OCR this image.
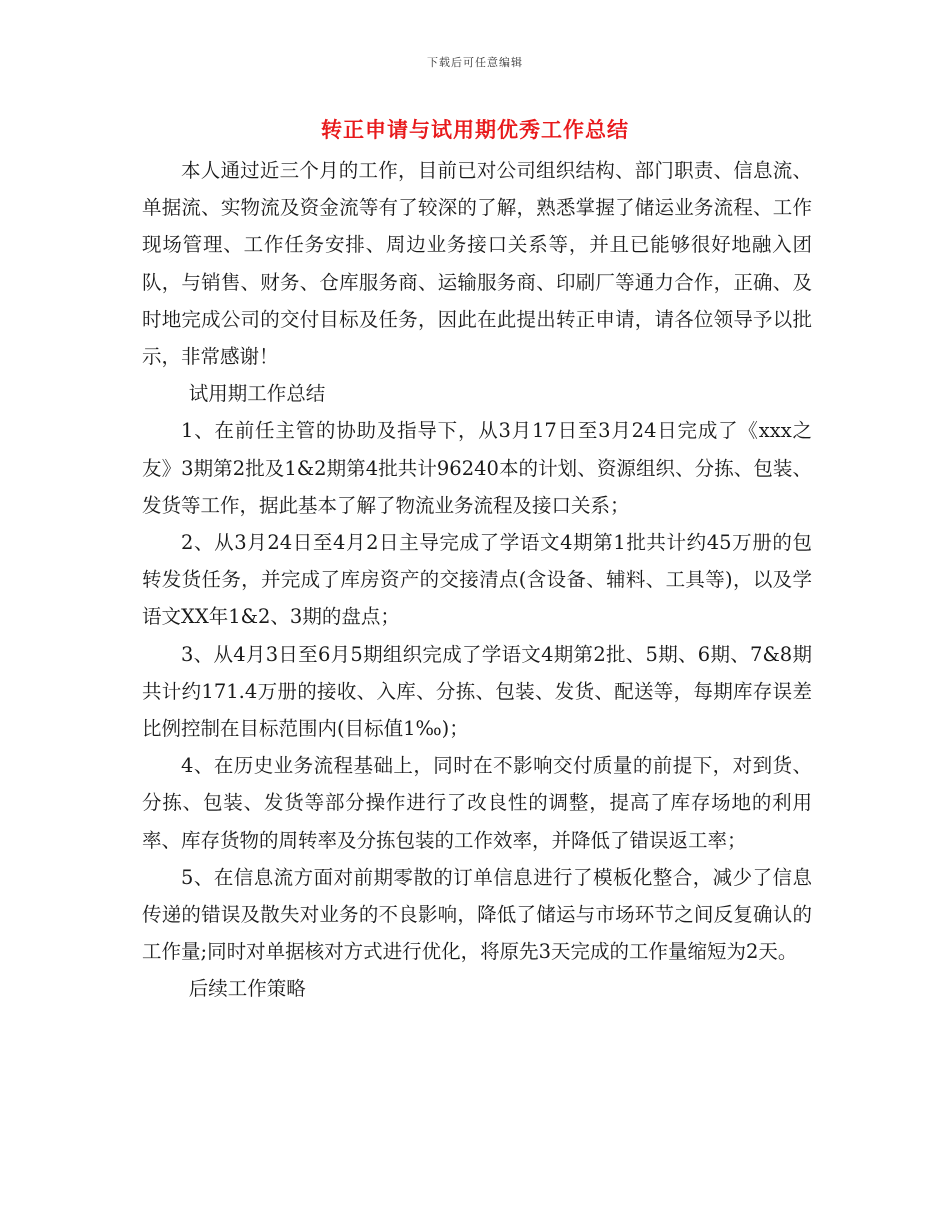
下载后可任意编辑
转正申请与试用期优秀工作总结

本人通过近三个月的工作，目前已对公司组织结构、部门职责、信息流、单据流、实物流及资金流等有了较深的了解，熟悉掌握了储运业务流程、工作现场管理、工作任务安排、周边业务接口关系等，并且已能够很好地融入团队，与销售、财务、仓库服务商、运输服务商、印刷厂等通力合作，正确、及时地完成公司的交付目标及任务，因此在此提出转正申请，请各位领导予以批示，非常感谢！

试用期工作总结

1、在前任主管的协助及指导下，从3月17日至3月24日完成了《xxx之友》3期第2批及1&2期第4批共计96240本的计划、资源组织、分拣、包装、发货等工作，据此基本了解了物流业务流程及接口关系；

2、从3月24日至4月2日主导完成了学语文4期第1批共计约45万册的包转发货任务，并完成了库房资产的交接清点(含设备、辅料、工具等)，以及学语文XX年1&2、3期的盘点；

3、从4月3日至6月5期组织完成了学语文4期第2批、5期、6期、7&8期共计约171.4万册的接收、入库、分拣、包装、发货、配送等，每期库存误差比例控制在目标范围内(目标值1‰)；

4、在历史业务流程基础上，同时在不影响交付质量的前提下，对到货、分拣、包装、发货等部分操作进行了改良性的调整，提高了库存场地的利用率、库存货物的周转率及分拣包装的工作效率，并降低了错误返工率；

5、在信息流方面对前期零散的订单信息进行了模板化整合，减少了信息传递的错误及散失对业务的不良影响，降低了储运与市场环节之间反复确认的工作量;同时对单据核对方式进行优化，将原先3天完成的工作量缩短为2天。

后续工作策略
